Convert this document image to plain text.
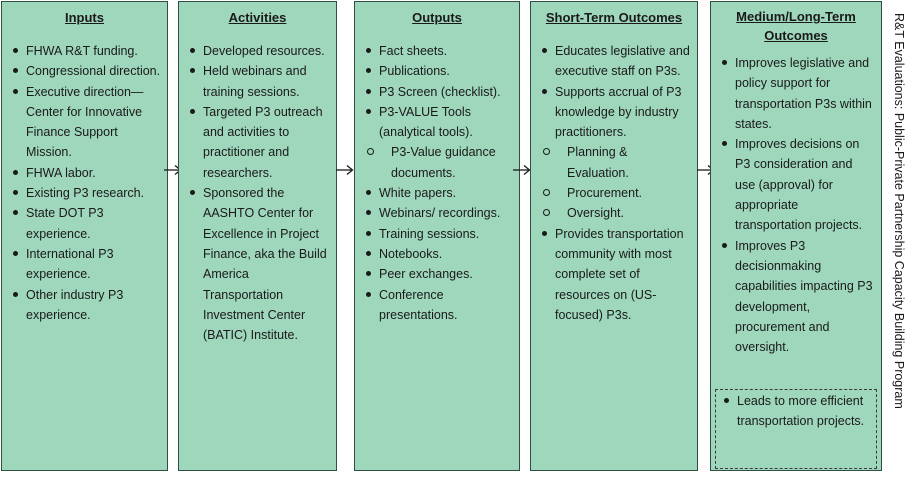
Inputs
FHWA R&T funding.
Congressional direction.
Executive direction—Center for Innovative Finance Support Mission.
FHWA labor.
Existing P3 research.
State DOT P3 experience.
International P3 experience.
Other industry P3 experience.
Activities
Developed resources.
Held webinars and training sessions.
Targeted P3 outreach and activities to practitioner and researchers.
Sponsored the AASHTO Center for Excellence in Project Finance, aka the Build America Transportation Investment Center (BATIC) Institute.
Outputs
Fact sheets.
Publications.
P3 Screen (checklist).
P3-VALUE Tools (analytical tools).
P3-Value guidance documents.
White papers.
Webinars/ recordings.
Training sessions.
Notebooks.
Peer exchanges.
Conference presentations.
Short-Term Outcomes
Educates legislative and executive staff on P3s.
Supports accrual of P3 knowledge by industry practitioners.
Planning & Evaluation.
Procurement.
Oversight.
Provides transportation community with most complete set of resources on (US-focused) P3s.
Medium/Long-Term Outcomes
Improves legislative and policy support for transportation P3s within states.
Improves decisions on P3 consideration and use (approval) for appropriate transportation projects.
Improves P3 decisionmaking capabilities impacting P3 development, procurement and oversight.
Leads to more efficient transportation projects.
R&T Evaluations: Public-Private Partnership Capacity Building Program
